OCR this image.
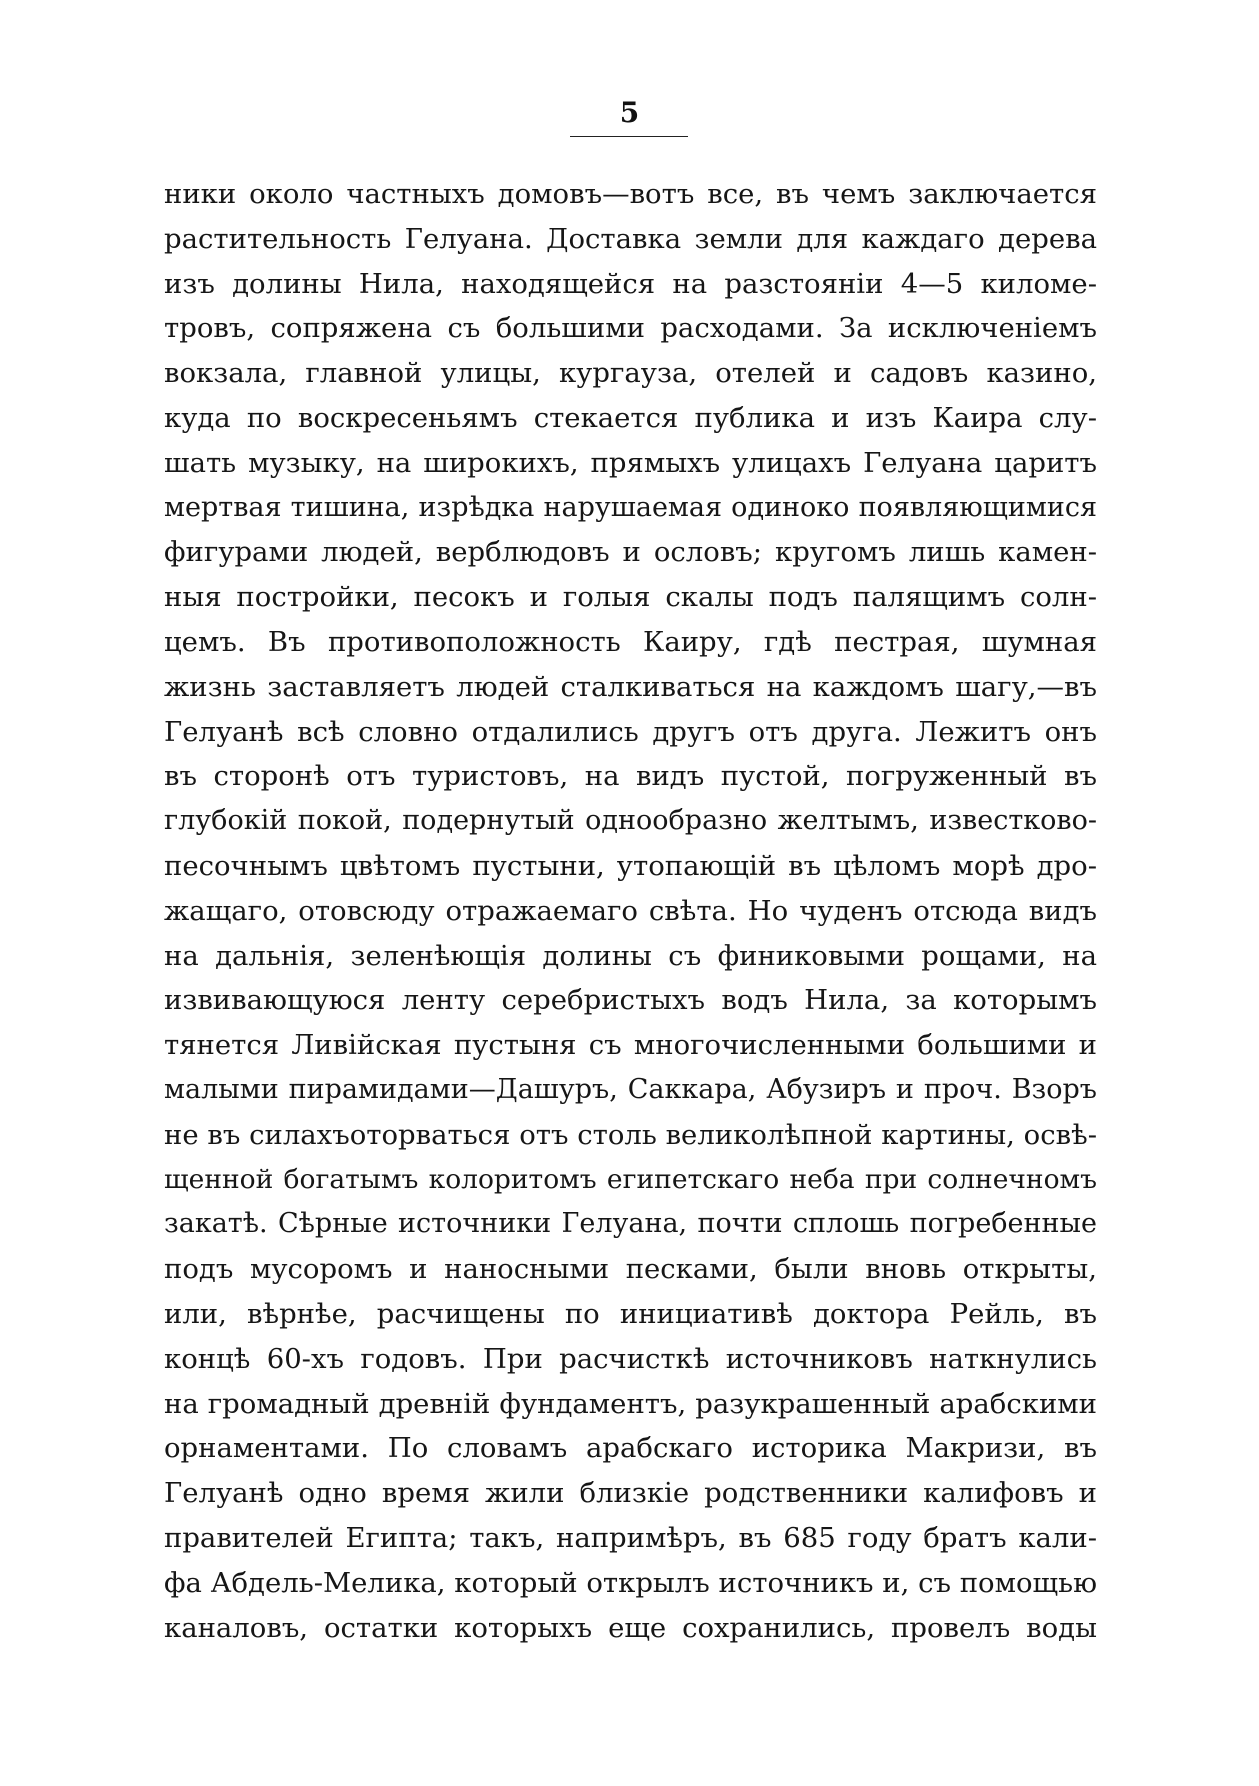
5
ники около частныхъ домовъ—вотъ все, въ чемъ заключается
растительность Гелуана. Доставка земли для каждаго дерева
изъ долины Нила, находящейся на разстоянiи 4—5 киломе-
тровъ, сопряжена съ большими расходами. За исключенiемъ
вокзала, главной улицы, кургауза, отелей и садовъ казино,
куда по воскресеньямъ стекается публика и изъ Каира слу-
шать музыку, на широкихъ, прямыхъ улицахъ Гелуана царитъ
мертвая тишина, изрѣдка нарушаемая одиноко появляющимися
фигурами людей, верблюдовъ и ословъ; кругомъ лишь камен-
ныя постройки, песокъ и голыя скалы подъ палящимъ солн-
цемъ. Въ противоположность Каиру, гдѣ пестрая, шумная
жизнь заставляетъ людей сталкиваться на каждомъ шагу,—въ
Гелуанѣ всѣ словно отдалились другъ отъ друга. Лежитъ онъ
въ сторонѣ отъ туристовъ, на видъ пустой, погруженный въ
глубокiй покой, подернутый однообразно желтымъ, известково-
песочнымъ цвѣтомъ пустыни, утопающiй въ цѣломъ морѣ дро-
жащаго, отовсюду отражаемаго свѣта. Но чуденъ отсюда видъ
на дальнiя, зеленѣющiя долины съ финиковыми рощами, на
извивающуюся ленту серебристыхъ водъ Нила, за которымъ
тянется Ливiйская пустыня съ многочисленными большими и
малыми пирамидами—Дашуръ, Саккара, Абузиръ и проч. Взоръ
не въ силахъоторваться отъ столь великолѣпной картины, освѣ-
щенной богатымъ колоритомъ египетскаго неба при солнечномъ
закатѣ. Сѣрные источники Гелуана, почти сплошь погребенные
подъ мусоромъ и наносными песками, были вновь открыты,
или, вѣрнѣе, расчищены по инициативѣ доктора Рейль, въ
концѣ 60-хъ годовъ. При расчисткѣ источниковъ наткнулись
на громадный древнiй фундаментъ, разукрашенный арабскими
орнаментами. По словамъ арабскаго историка Макризи, въ
Гелуанѣ одно время жили близкiе родственники калифовъ и
правителей Египта; такъ, напримѣръ, въ 685 году братъ кали-
фа Абдель-Мелика, который открылъ источникъ и, съ помощью
каналовъ, остатки которыхъ еще сохранились, провелъ воды
